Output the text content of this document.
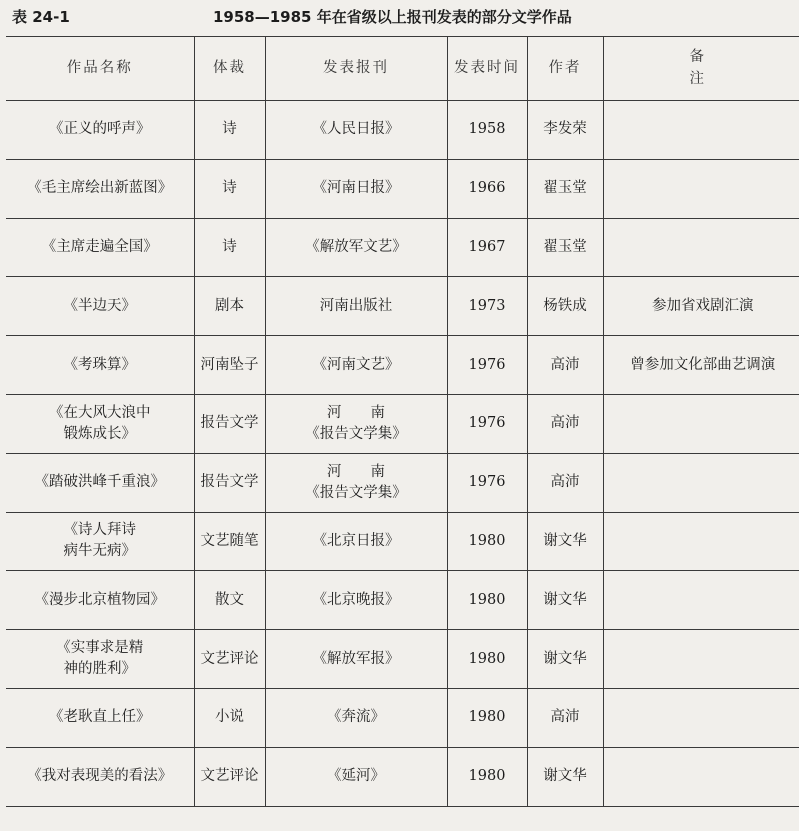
表 24-1	1958—1985 年在省级以上报刊发表的部分文学作品
作品名称	体裁	发表报刊	发表时间	作者	备注

《正义的呼声》	诗	《人民日报》	1958	李发荣	

《毛主席绘出新蓝图》	诗	《河南日报》	1966	翟玉堂	

《主席走遍全国》	诗	《解放军文艺》	1967	翟玉堂	

《半边天》	剧本	河南出版社	1973	杨铁成	参加省戏剧汇演

《考珠算》	河南坠子	《河南文艺》	1976	高沛	曾参加文化部曲艺调演

《在大风大浪中
锻炼成长》	报告文学	河　　南
《报告文学集》	1976	高沛	

《踏破洪峰千重浪》	报告文学	河　　南
《报告文学集》	1976	高沛	

《诗人拜诗
病牛无病》	文艺随笔	《北京日报》	1980	谢文华	

《漫步北京植物园》	散文	《北京晚报》	1980	谢文华	

《实事求是精
神的胜利》	文艺评论	《解放军报》	1980	谢文华	

《老耿直上任》	小说	《奔流》	1980	高沛	

《我对表现美的看法》	文艺评论	《延河》	1980	谢文华	
